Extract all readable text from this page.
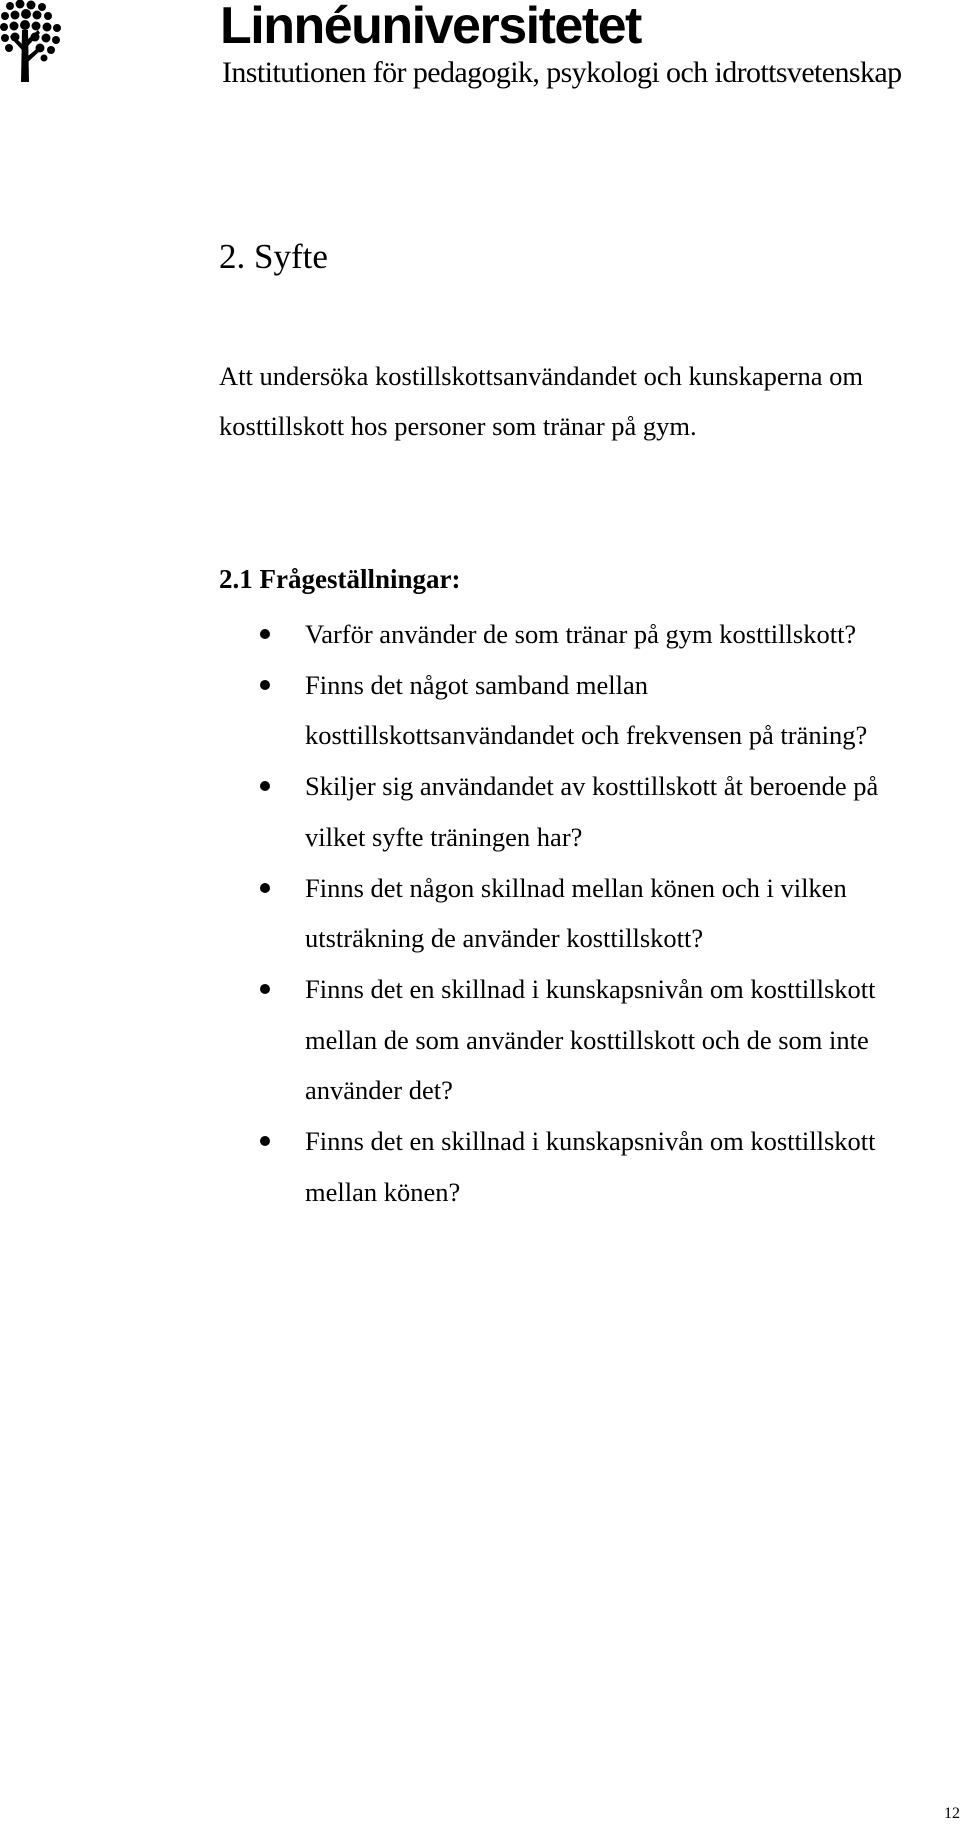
Linnéuniversitetet
Institutionen för pedagogik, psykologi och idrottsvetenskap
2. Syfte

Att undersöka kostillskottsanvändandet och kunskaperna om
kosttillskott hos personer som tränar på gym.

2.1 Frågeställningar:
Varför använder de som tränar på gym kosttillskott?
Finns det något samband mellan
kosttillskottsanvändandet och frekvensen på träning?
Skiljer sig användandet av kosttillskott åt beroende på
vilket syfte träningen har?
Finns det någon skillnad mellan könen och i vilken
utsträkning de använder kosttillskott?
Finns det en skillnad i kunskapsnivån om kosttillskott
mellan de som använder kosttillskott och de som inte
använder det?
Finns det en skillnad i kunskapsnivån om kosttillskott
mellan könen?
12
